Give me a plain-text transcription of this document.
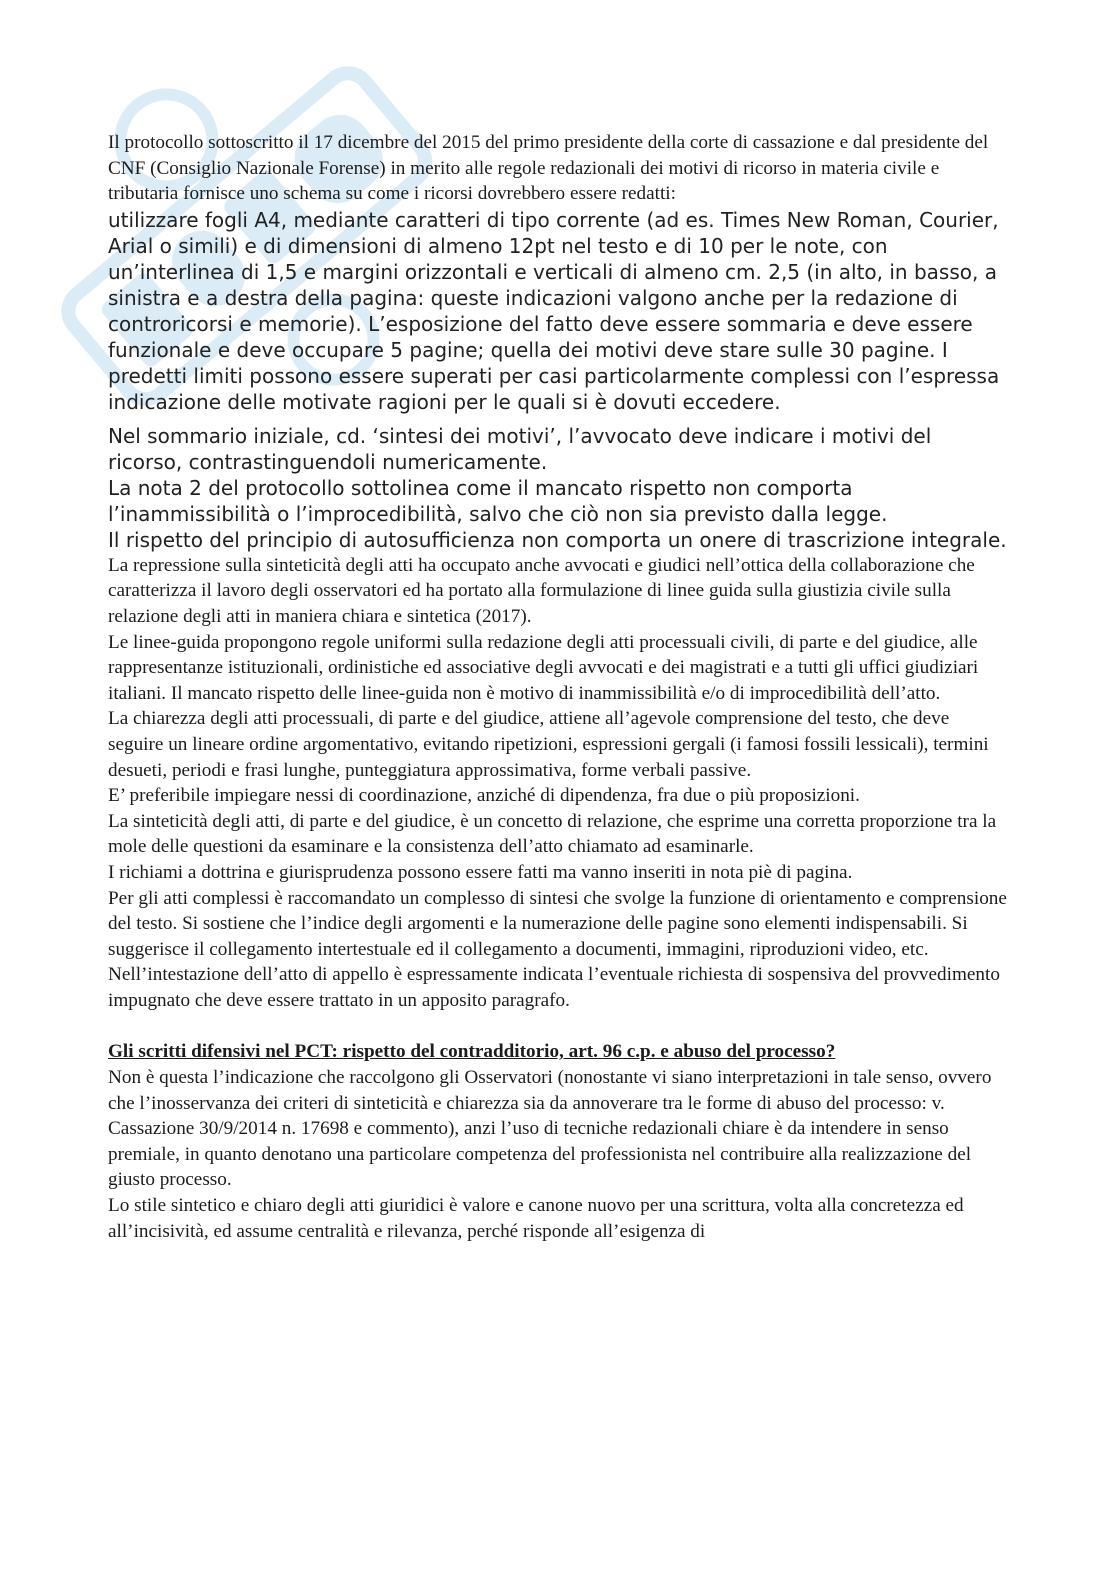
Il protocollo sottoscritto il 17 dicembre del 2015 del primo presidente della corte di cassazione e dal presidente del CNF (Consiglio Nazionale Forense) in merito alle regole redazionali dei motivi di ricorso in materia civile e tributaria fornisce uno schema su come i ricorsi dovrebbero essere redatti:

utilizzare fogli A4, mediante caratteri di tipo corrente (ad es. Times New Roman, Courier, Arial o simili) e di dimensioni di almeno 12pt nel testo e di 10 per le note, con un’interlinea di 1,5 e margini orizzontali e verticali di almeno cm. 2,5 (in alto, in basso, a sinistra e a destra della pagina: queste indicazioni valgono anche per la redazione di controricorsi e memorie). L’esposizione del fatto deve essere sommaria e deve essere funzionale e deve occupare 5 pagine; quella dei motivi deve stare sulle 30 pagine. I predetti limiti possono essere superati per casi particolarmente complessi con l’espressa indicazione delle motivate ragioni per le quali si è dovuti eccedere.

Nel sommario iniziale, cd. ‘sintesi dei motivi’, l’avvocato deve indicare i motivi del ricorso, contrastinguendoli numericamente.

La nota 2 del protocollo sottolinea come il mancato rispetto non comporta l’inammissibilità o l’improcedibilità, salvo che ciò non sia previsto dalla legge.

Il rispetto del principio di autosufficienza non comporta un onere di trascrizione integrale.

La repressione sulla sinteticità degli atti ha occupato anche avvocati e giudici nell’ottica della collaborazione che caratterizza il lavoro degli osservatori ed ha portato alla formulazione di linee guida sulla giustizia civile sulla relazione degli atti in maniera chiara e sintetica (2017).

Le linee-guida propongono regole uniformi sulla redazione degli atti processuali civili, di parte e del giudice, alle rappresentanze istituzionali, ordinistiche ed associative degli avvocati e dei magistrati e a tutti gli uffici giudiziari italiani. Il mancato rispetto delle linee-guida non è motivo di inammissibilità e/o di improcedibilità dell’atto.

La chiarezza degli atti processuali, di parte e del giudice, attiene all’agevole comprensione del testo, che deve seguire un lineare ordine argomentativo, evitando ripetizioni, espressioni gergali (i famosi fossili lessicali), termini desueti, periodi e frasi lunghe, punteggiatura approssimativa, forme verbali passive.

E’ preferibile impiegare nessi di coordinazione, anziché di dipendenza, fra due o più proposizioni.

La sinteticità degli atti, di parte e del giudice, è un concetto di relazione, che esprime una corretta proporzione tra la mole delle questioni da esaminare e la consistenza dell’atto chiamato ad esaminarle.

I richiami a dottrina e giurisprudenza possono essere fatti ma vanno inseriti in nota piè di pagina.

Per gli atti complessi è raccomandato un complesso di sintesi che svolge la funzione di orientamento e comprensione del testo. Si sostiene che l’indice degli argomenti e la numerazione delle pagine sono elementi indispensabili. Si suggerisce il collegamento intertestuale ed il collegamento a documenti, immagini, riproduzioni video, etc.

Nell’intestazione dell’atto di appello è espressamente indicata l’eventuale richiesta di sospensiva del provvedimento impugnato che deve essere trattato in un apposito paragrafo.

Gli scritti difensivi nel PCT: rispetto del contradditorio, art. 96 c.p. e abuso del processo?

Non è questa l’indicazione che raccolgono gli Osservatori (nonostante vi siano interpretazioni in tale senso, ovvero che l’inosservanza dei criteri di sinteticità e chiarezza sia da annoverare tra le forme di abuso del processo: v. Cassazione 30/9/2014 n. 17698 e commento), anzi l’uso di tecniche redazionali chiare è da intendere in senso premiale, in quanto denotano una particolare competenza del professionista nel contribuire alla realizzazione del giusto processo.

Lo stile sintetico e chiaro degli atti giuridici è valore e canone nuovo per una scrittura, volta alla concretezza ed all’incisività, ed assume centralità e rilevanza, perché risponde all’esigenza di
